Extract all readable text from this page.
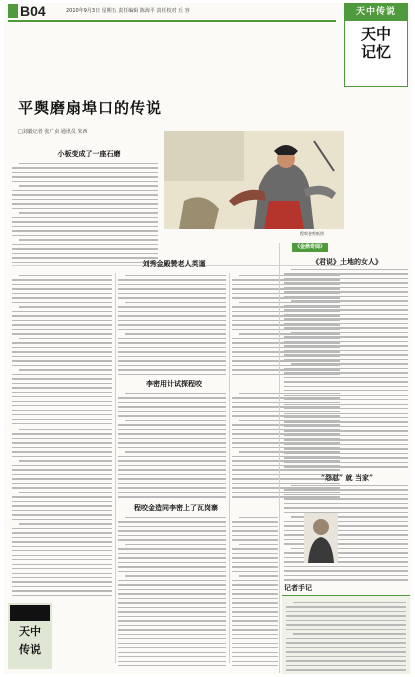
B04	2010年9月3日 星期五 责任编辑 陈海平 责任校对 丘 容	天中传说
天中
记忆
平舆磨扇埠口的传说
□刘毅记者 张广贞 通讯员 朱西
程咬金剪纸图
小板变成了一座石磨
刘秀金殿赞老人英谨
李密用计试探程咬
程咬金造同李密上了瓦岗寨
《金鼎奇闻》
《君说》土地的女人》
“怨怼” 就 当家”
记者手记
天中
传说
